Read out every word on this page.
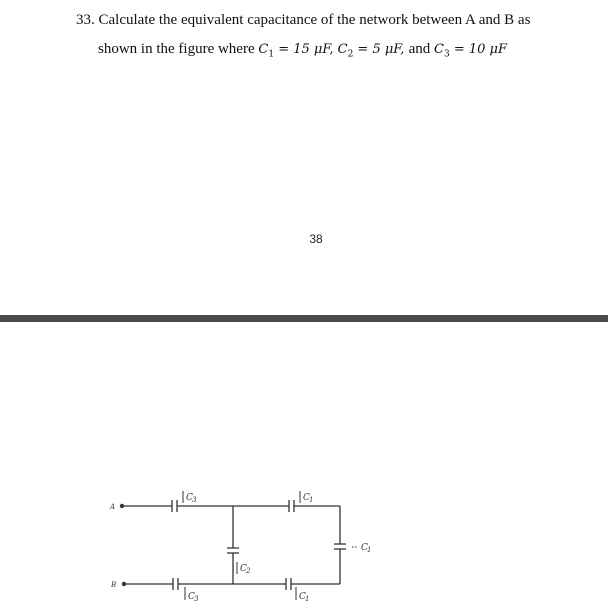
33. Calculate the equivalent capacitance of the network between A and B as
shown in the figure where $C_1 = 15$ μF, $C_2 = 5$ μF, and $C_3 = 10$ μF
38
A
B
C 3	C 1
C 1
C 2
C 3	C 1
